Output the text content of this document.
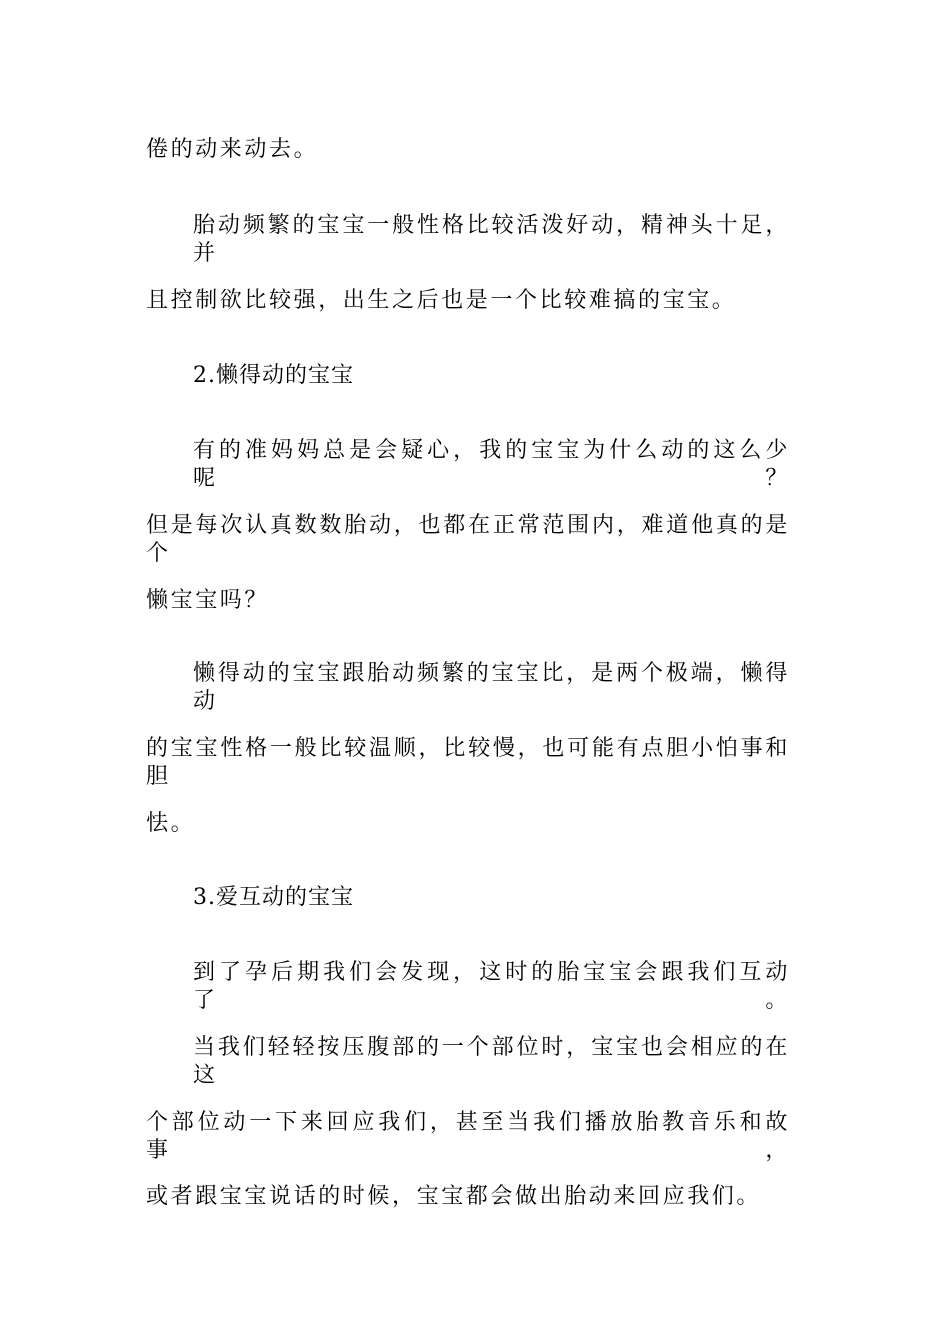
倦的动来动去。
胎动频繁的宝宝一般性格比较活泼好动，精神头十足，并
且控制欲比较强，出生之后也是一个比较难搞的宝宝。
2.懒得动的宝宝
有的准妈妈总是会疑心，我的宝宝为什么动的这么少呢？
但是每次认真数数胎动，也都在正常范围内，难道他真的是个
懒宝宝吗？
懒得动的宝宝跟胎动频繁的宝宝比，是两个极端，懒得动
的宝宝性格一般比较温顺，比较慢，也可能有点胆小怕事和胆
怯。
3.爱互动的宝宝
到了孕后期我们会发现，这时的胎宝宝会跟我们互动了。
当我们轻轻按压腹部的一个部位时，宝宝也会相应的在这
个部位动一下来回应我们，甚至当我们播放胎教音乐和故事，
或者跟宝宝说话的时候，宝宝都会做出胎动来回应我们。
